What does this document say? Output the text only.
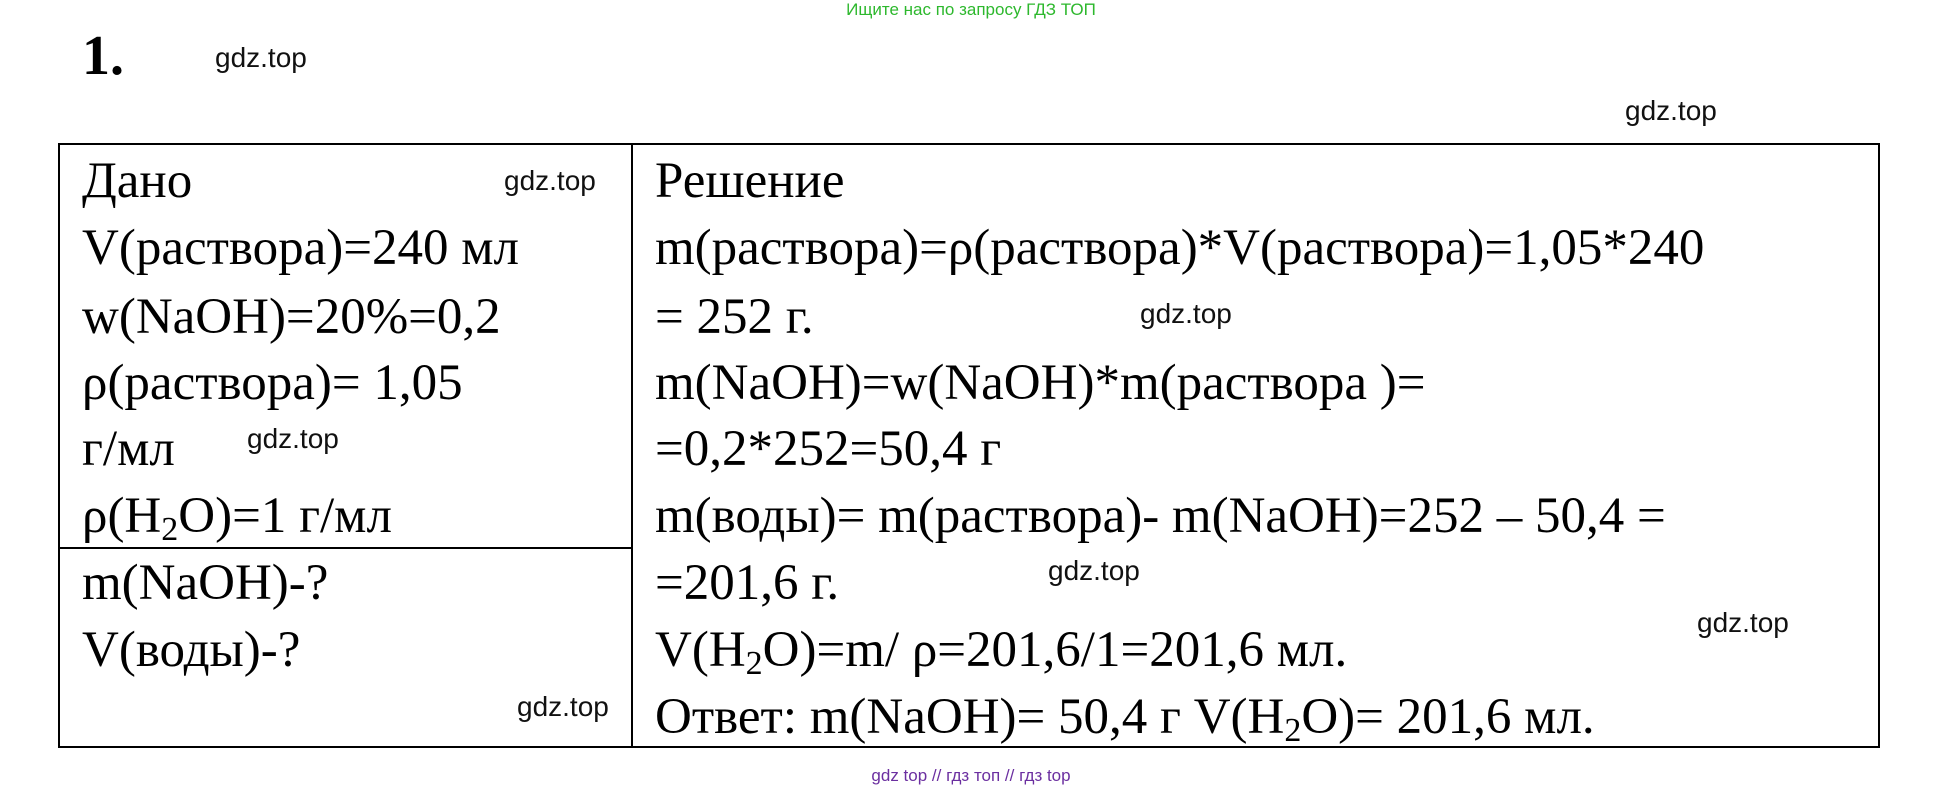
Ищите нас по запросу ГДЗ ТОП
1.	gdz.top
gdz.top
gdz.top
gdz.top
gdz.top
gdz.top
gdz.top
gdz.top
Дано
V(раствора)=240 мл
w(NaOH)=20%=0,2
ρ(раствора)= 1,05
г/мл
$\rho(H_2O)=1$ г/мл
m(NaOH)-?
V(воды)-?
Решение
m(раствора)=ρ(раствора)*V(раствора)=1,05*240
= 252 г.
m(NaOH)=w(NaOH)*m(раствора )=
=0,2*252=50,4 г
m(воды)= m(раствора)- m(NaOH)=252 – 50,4 =
=201,6 г.
$V(H_2O)=m/$ ρ=201,6/1=201,6 мл.
Ответ: m(NaOH)= 50,4 г $V(H_2O)= 201,6$ мл.
gdz top // гдз топ // гдз top
